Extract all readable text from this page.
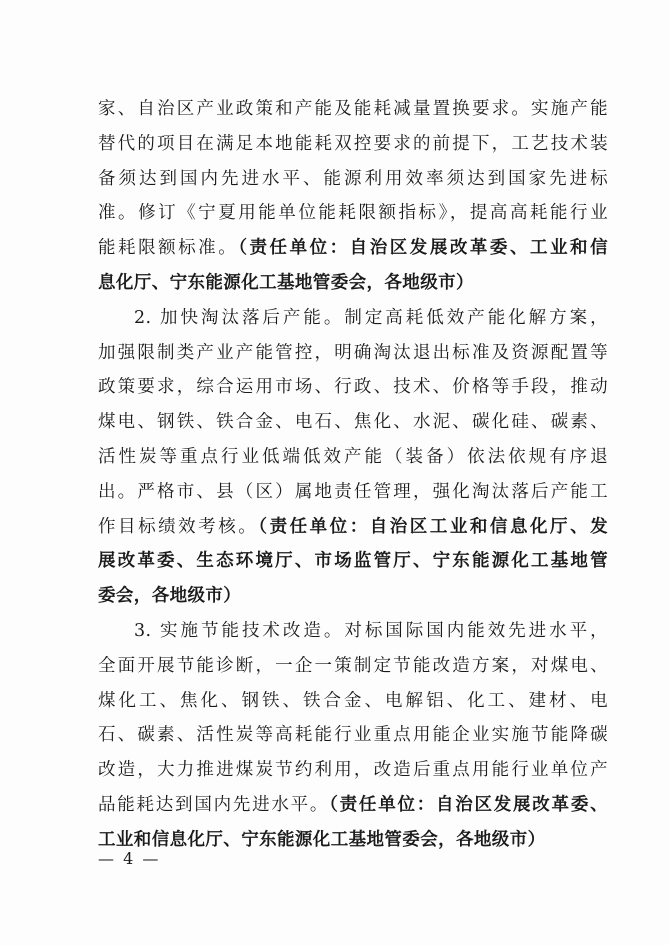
家、自治区产业政策和产能及能耗减量置换要求。实施产能
替代的项目在满足本地能耗双控要求的前提下，工艺技术装
备须达到国内先进水平、能源利用效率须达到国家先进标
准。修订《宁夏用能单位能耗限额指标》，提高高耗能行业
能耗限额标准。（责任单位：自治区发展改革委、工业和信
息化厅、宁东能源化工基地管委会，各地级市）
2. 加快淘汰落后产能。制定高耗低效产能化解方案，
加强限制类产业产能管控，明确淘汰退出标准及资源配置等
政策要求，综合运用市场、行政、技术、价格等手段，推动
煤电、钢铁、铁合金、电石、焦化、水泥、碳化硅、碳素、
活性炭等重点行业低端低效产能（装备）依法依规有序退
出。严格市、县（区）属地责任管理，强化淘汰落后产能工
作目标绩效考核。（责任单位：自治区工业和信息化厅、发
展改革委、生态环境厅、市场监管厅、宁东能源化工基地管
委会，各地级市）
3. 实施节能技术改造。对标国际国内能效先进水平，
全面开展节能诊断，一企一策制定节能改造方案，对煤电、
煤化工、焦化、钢铁、铁合金、电解铝、化工、建材、电
石、碳素、活性炭等高耗能行业重点用能企业实施节能降碳
改造，大力推进煤炭节约利用，改造后重点用能行业单位产
品能耗达到国内先进水平。（责任单位：自治区发展改革委、
工业和信息化厅、宁东能源化工基地管委会，各地级市）
— 4 —
